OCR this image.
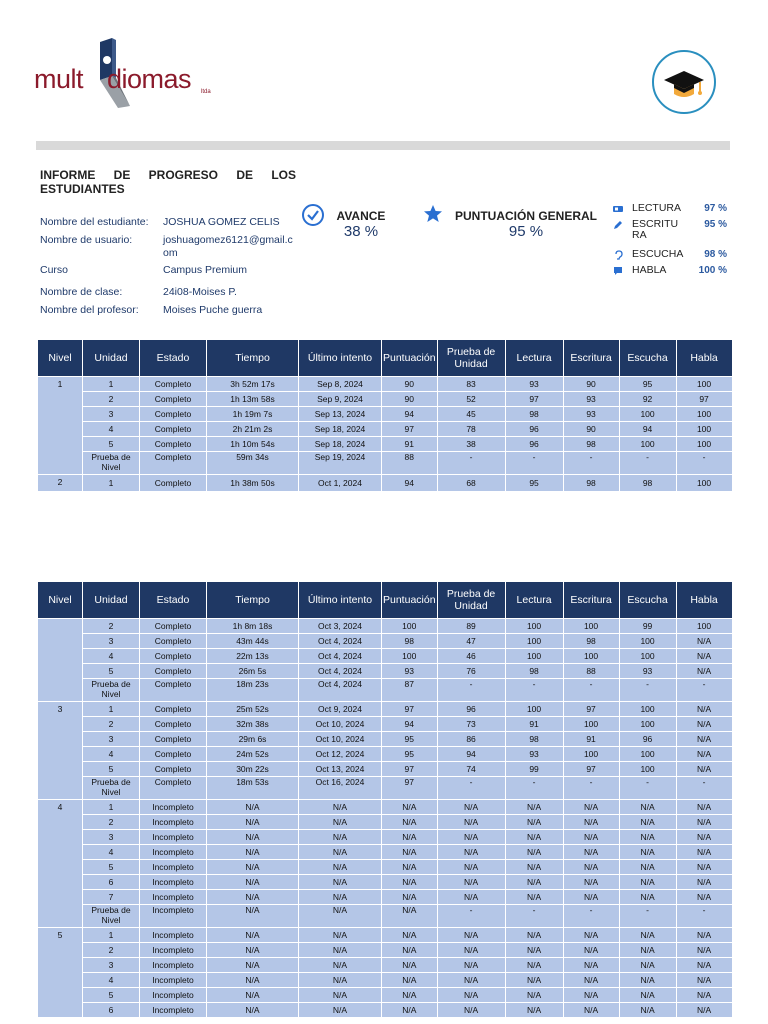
mult diomas ltda
INFORME DE PROGRESO DE LOS
ESTUDIANTES
Nombre del estudiante: JOSHUA GOMEZ CELIS
Nombre de usuario:	joshuagomez6121@gmail.com
Curso	Campus Premium
Nombre de clase:	24i08-Moises P.
Nombre del profesor: Moises Puche guerra
AVANCE
38 %
PUNTUACIÓN GENERAL
95 %
LECTURA	97 %
ESCRITURA
95 %
ESCUCHA	98 %
HABLA	100 %
Nivel	Unidad	Estado	Tiempo	Último intento	Puntuación	Prueba de Unidad	Lectura	Escritura	Escucha	Habla
1	1	Completo	3h 52m 17s	Sep 8, 2024	90	83	93	90	95	100
	2	Completo	1h 13m 58s	Sep 9, 2024	90	52	97	93	92	97
	3	Completo	1h 19m 7s	Sep 13, 2024	94	45	98	93	100	100
	4	Completo	2h 21m 2s	Sep 18, 2024	97	78	96	90	94	100
	5	Completo	1h 10m 54s	Sep 18, 2024	91	38	96	98	100	100
	Prueba de Nivel	Completo	59m 34s	Sep 19, 2024	88	-	-	-	-	-
2	1	Completo	1h 38m 50s	Oct 1, 2024	94	68	95	98	98	100
Nivel	Unidad	Estado	Tiempo	Último intento	Puntuación	Prueba de Unidad	Lectura	Escritura	Escucha	Habla
	2	Completo	1h 8m 18s	Oct 3, 2024	100	89	100	100	99	100
	3	Completo	43m 44s	Oct 4, 2024	98	47	100	98	100	N/A
	4	Completo	22m 13s	Oct 4, 2024	100	46	100	100	100	N/A
	5	Completo	26m 5s	Oct 4, 2024	93	76	98	88	93	N/A
	Prueba de Nivel	Completo	18m 23s	Oct 4, 2024	87	-	-	-	-	-
3	1	Completo	25m 52s	Oct 9, 2024	97	96	100	97	100	N/A
	2	Completo	32m 38s	Oct 10, 2024	94	73	91	100	100	N/A
	3	Completo	29m 6s	Oct 10, 2024	95	86	98	91	96	N/A
	4	Completo	24m 52s	Oct 12, 2024	95	94	93	100	100	N/A
	5	Completo	30m 22s	Oct 13, 2024	97	74	99	97	100	N/A
	Prueba de Nivel	Completo	18m 53s	Oct 16, 2024	97	-	-	-	-	-
4	1	Incompleto	N/A	N/A	N/A	N/A	N/A	N/A	N/A	N/A
	2	Incompleto	N/A	N/A	N/A	N/A	N/A	N/A	N/A	N/A
	3	Incompleto	N/A	N/A	N/A	N/A	N/A	N/A	N/A	N/A
	4	Incompleto	N/A	N/A	N/A	N/A	N/A	N/A	N/A	N/A
	5	Incompleto	N/A	N/A	N/A	N/A	N/A	N/A	N/A	N/A
	6	Incompleto	N/A	N/A	N/A	N/A	N/A	N/A	N/A	N/A
	7	Incompleto	N/A	N/A	N/A	N/A	N/A	N/A	N/A	N/A
	Prueba de Nivel	Incompleto	N/A	N/A	N/A	-	-	-	-	-
5	1	Incompleto	N/A	N/A	N/A	N/A	N/A	N/A	N/A	N/A
	2	Incompleto	N/A	N/A	N/A	N/A	N/A	N/A	N/A	N/A
	3	Incompleto	N/A	N/A	N/A	N/A	N/A	N/A	N/A	N/A
	4	Incompleto	N/A	N/A	N/A	N/A	N/A	N/A	N/A	N/A
	5	Incompleto	N/A	N/A	N/A	N/A	N/A	N/A	N/A	N/A
	6	Incompleto	N/A	N/A	N/A	N/A	N/A	N/A	N/A	N/A
